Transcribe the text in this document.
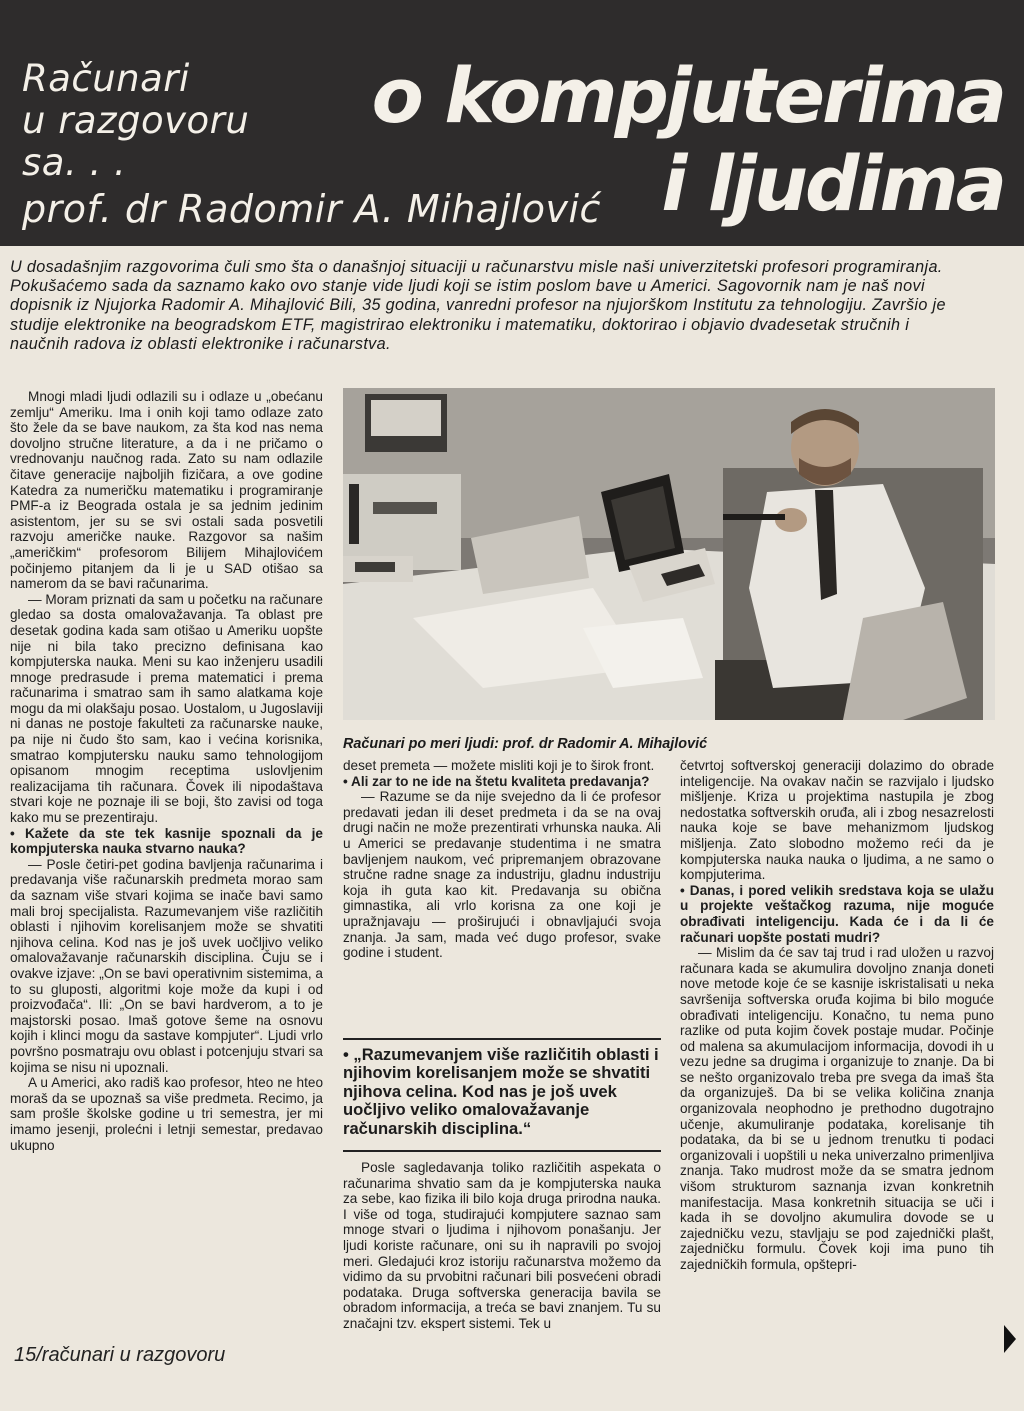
Računari
u razgovoru
sa. . .
prof. dr Radomir A. Mihajlović
o kompjuterima
i ljudima
U dosadašnjim razgovorima čuli smo šta o današnjoj situaciji u računarstvu misle naši univerzitetski profesori programiranja. Pokušaćemo sada da saznamo kako ovo stanje vide ljudi koji se istim poslom bave u Americi. Sagovornik nam je naš novi dopisnik iz Njujorka Radomir A. Mihajlović Bili, 35 godina, vanredni profesor na njujorškom Institutu za tehnologiju. Završio je studije elektronike na beogradskom ETF, magistrirao elektroniku i matematiku, doktorirao i objavio dvadesetak stručnih i naučnih radova iz oblasti elektronike i računarstva.

Mnogi mladi ljudi odlazili su i odlaze u „obećanu zemlju“ Ameriku. Ima i onih koji tamo odlaze zato što žele da se bave naukom, za šta kod nas nema dovoljno stručne literature, a da i ne pričamo o vrednovanju naučnog rada. Zato su nam odlazile čitave generacije najboljih fizičara, a ove godine Katedra za numeričku matematiku i programiranje PMF-a iz Beograda ostala je sa jednim jedinim asistentom, jer su se svi ostali sada posvetili razvoju američke nauke. Razgovor sa našim „američkim“ profesorom Bilijem Mihajlovićem počinjemo pitanjem da li je u SAD otišao sa namerom da se bavi računarima.

— Moram priznati da sam u početku na računare gledao sa dosta omalovažavanja. Ta oblast pre desetak godina kada sam otišao u Ameriku uopšte nije ni bila tako precizno definisana kao kompjuterska nauka. Meni su kao inženjeru usadili mnoge predrasude i prema matematici i prema računarima i smatrao sam ih samo alatkama koje mogu da mi olakšaju posao. Uostalom, u Jugoslaviji ni danas ne postoje fakulteti za računarske nauke, pa nije ni čudo što sam, kao i većina korisnika, smatrao kompjutersku nauku samo tehnologijom opisanom mnogim receptima uslovljenim realizacijama tih računara. Čovek ili nipodaštava stvari koje ne poznaje ili se boji, što zavisi od toga kako mu se prezentiraju.

• Kažete da ste tek kasnije spoznali da je kompjuterska nauka stvarno nauka?

— Posle četiri-pet godina bavljenja računarima i predavanja više računarskih predmeta morao sam da saznam više stvari kojima se inače bavi samo mali broj specijalista. Razumevanjem više različitih oblasti i njihovim korelisanjem može se shvatiti njihova celina. Kod nas je još uvek uočljivo veliko omalovažavanje računarskih disciplina. Čuju se i ovakve izjave: „On se bavi operativnim sistemima, a to su gluposti, algoritmi koje može da kupi i od proizvođača“. Ili: „On se bavi hardverom, a to je majstorski posao. Imaš gotove šeme na osnovu kojih i klinci mogu da sastave kompjuter“. Ljudi vrlo površno posmatraju ovu oblast i potcenjuju stvari sa kojima se nisu ni upoznali.

A u Americi, ako radiš kao profesor, hteo ne hteo moraš da se upoznaš sa više predmeta. Recimo, ja sam prošle školske godine u tri semestra, jer mi imamo jesenji, prolećni i letnji semestar, predavao ukupno

Računari po meri ljudi: prof. dr Radomir A. Mihajlović

deset premeta — možete misliti koji je to širok front.

• Ali zar to ne ide na štetu kvaliteta predavanja?

— Razume se da nije svejedno da li će profesor predavati jedan ili deset predmeta i da se na ovaj drugi način ne može prezentirati vrhunska nauka. Ali u Americi se predavanje studentima i ne smatra bavljenjem naukom, već pripremanjem obrazovane stručne radne snage za industriju, gladnu industriju koja ih guta kao kit. Predavanja su obična gimnastika, ali vrlo korisna za one koji je upražnjavaju — proširujući i obnavljajući svoja znanja. Ja sam, mada već dugo profesor, svake godine i student.

• „Razumevanjem više različitih oblasti i njihovim korelisanjem može se shvatiti njihova celina. Kod nas je još uvek uočljivo veliko omalovažavanje računarskih disciplina.“

Posle sagledavanja toliko različitih aspekata o računarima shvatio sam da je kompjuterska nauka za sebe, kao fizika ili bilo koja druga prirodna nauka. I više od toga, studirajući kompjutere saznao sam mnoge stvari o ljudima i njihovom ponašanju. Jer ljudi koriste računare, oni su ih napravili po svojoj meri. Gledajući kroz istoriju računarstva možemo da vidimo da su prvobitni računari bili posvećeni obradi podataka. Druga softverska generacija bavila se obradom informacija, a treća se bavi znanjem. Tu su značajni tzv. ekspert sistemi. Tek u

četvrtoj softverskoj generaciji dolazimo do obrade inteligencije. Na ovakav način se razvijalo i ljudsko mišljenje. Kriza u projektima nastupila je zbog nedostatka softverskih oruđa, ali i zbog nesazrelosti nauka koje se bave mehanizmom ljudskog mišljenja. Zato slobodno možemo reći da je kompjuterska nauka nauka o ljudima, a ne samo o kompjuterima.

• Danas, i pored velikih sredstava koja se ulažu u projekte veštačkog razuma, nije moguće obrađivati inteligenciju. Kada će i da li će računari uopšte postati mudri?

— Mislim da će sav taj trud i rad uložen u razvoj računara kada se akumulira dovoljno znanja doneti nove metode koje će se kasnije iskristalisati u neka savršenija softverska oruđa kojima bi bilo moguće obrađivati inteligenciju. Konačno, tu nema puno razlike od puta kojim čovek postaje mudar. Počinje od malena sa akumulacijom informacija, dovodi ih u vezu jedne sa drugima i organizuje to znanje. Da bi se nešto organizovalo treba pre svega da imaš šta da organizuješ. Da bi se velika količina znanja organizovala neophodno je prethodno dugotrajno učenje, akumuliranje podataka, korelisanje tih podataka, da bi se u jednom trenutku ti podaci organizovali i uopštili u neka univerzalno primenljiva znanja. Tako mudrost može da se smatra jednom višom strukturom saznanja izvan konkretnih manifestacija. Masa konkretnih situacija se uči i kada ih se dovoljno akumulira dovode se u zajedničku vezu, stavljaju se pod zajednički plašt, zajedničku formulu. Čovek koji ima puno tih zajedničkih formula, opštepri-

15/računari u razgovoru
